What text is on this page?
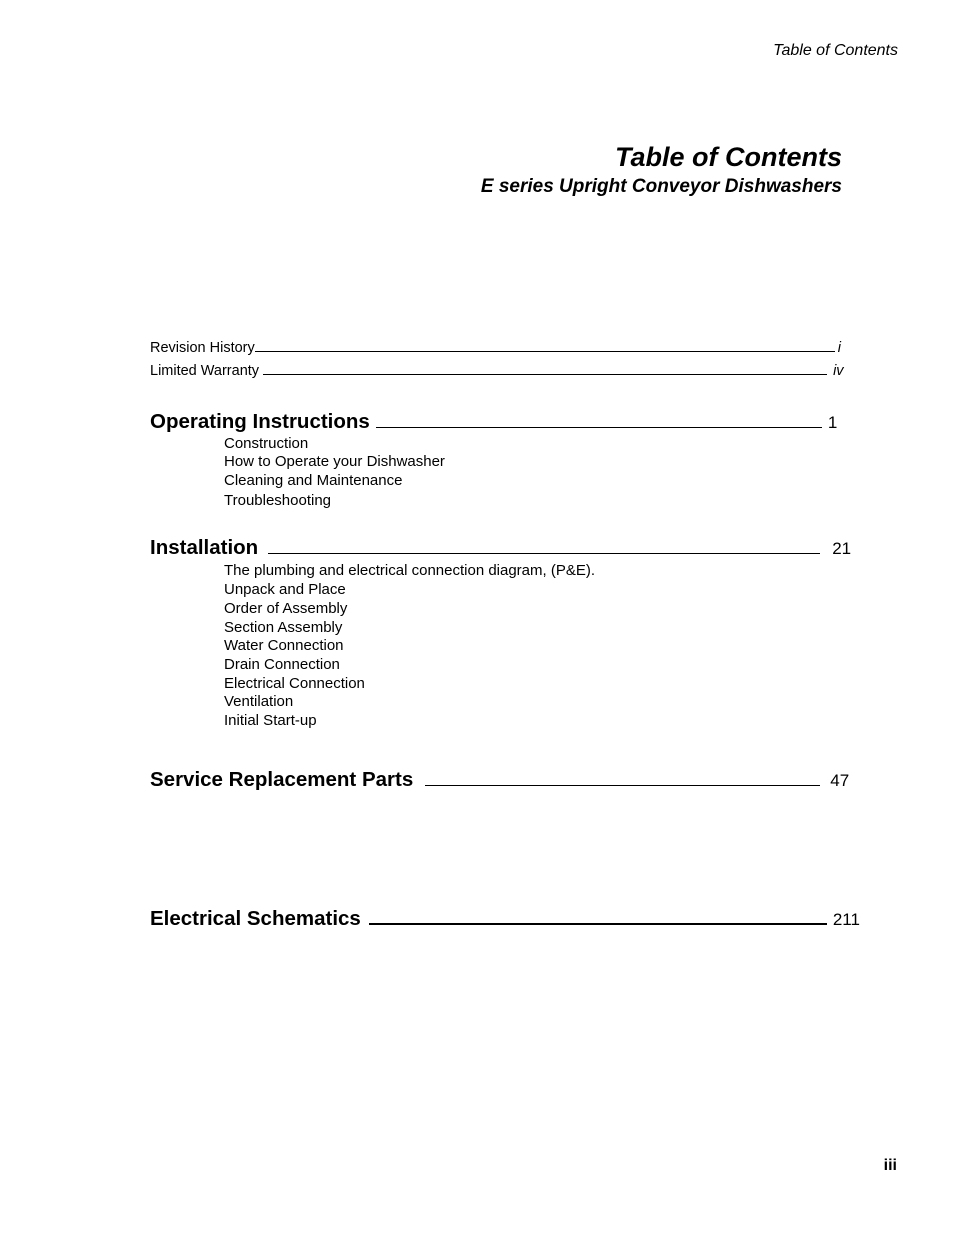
Table of Contents
Table of Contents
E series Upright Conveyor Dishwashers
Revision History	i
Limited Warranty	iv
Operating Instructions	1
Construction
How to Operate your Dishwasher
Cleaning and Maintenance
Troubleshooting
Installation	21
The plumbing and electrical connection diagram, (P&E).
Unpack and Place
Order of Assembly
Section Assembly
Water Connection
Drain Connection
Electrical Connection
Ventilation
Initial Start-up
Service Replacement Parts	47
Electrical Schematics	211
iii
